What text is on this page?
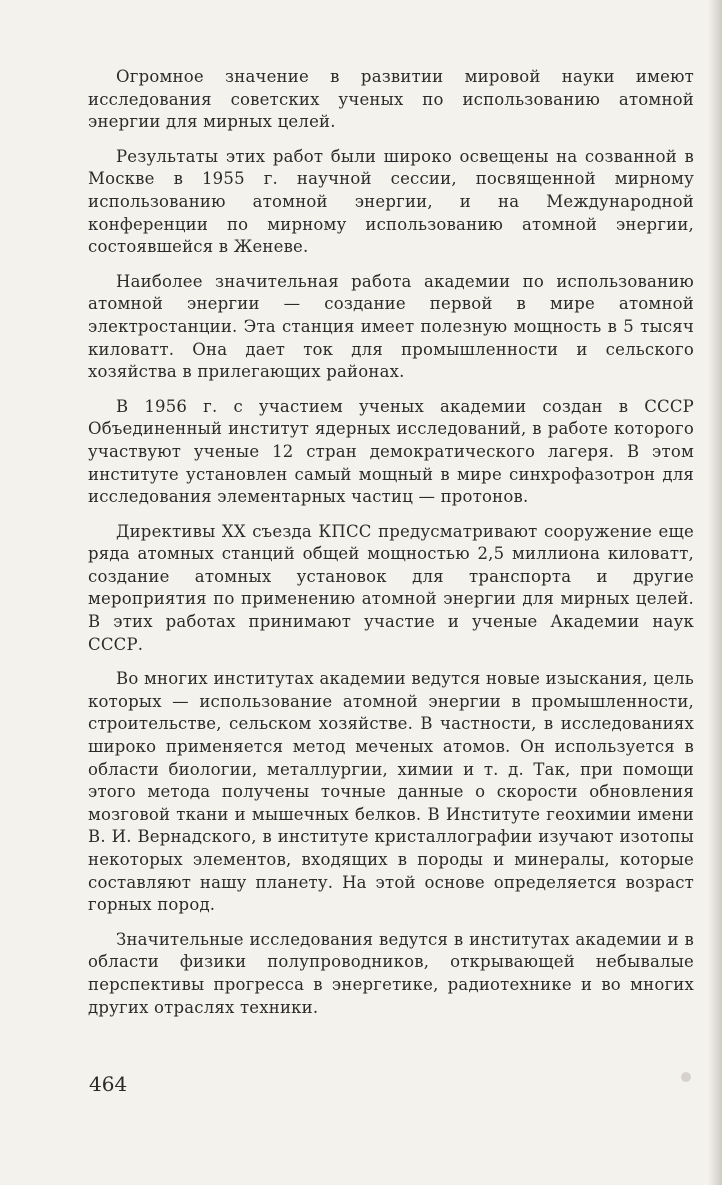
Огромное значение в развитии мировой науки имеют исследования советских ученых по использованию атомной энергии для мирных целей.

Результаты этих работ были широко освещены на созванной в Москве в 1955 г. научной сессии, посвященной мирному использованию атомной энергии, и на Международной конференции по мирному использованию атомной энергии, состоявшейся в Женеве.

Наиболее значительная работа академии по использованию атомной энергии — создание первой в мире атомной электростанции. Эта станция имеет полезную мощность в 5 тысяч киловатт. Она дает ток для промышленности и сельского хозяйства в прилегающих районах.

В 1956 г. с участием ученых академии создан в СССР Объединенный институт ядерных исследований, в работе которого участвуют ученые 12 стран демократического лагеря. В этом институте установлен самый мощный в мире синхрофазотрон для исследования элементарных частиц — протонов.

Директивы XX съезда КПСС предусматривают сооружение еще ряда атомных станций общей мощностью 2,5 миллиона киловатт, создание атомных установок для транспорта и другие мероприятия по применению атомной энергии для мирных целей. В этих работах принимают участие и ученые Академии наук СССР.

Во многих институтах академии ведутся новые изыскания, цель которых — использование атомной энергии в промышленности, строительстве, сельском хозяйстве. В частности, в исследованиях широко применяется метод меченых атомов. Он используется в области биологии, металлургии, химии и т. д. Так, при помощи этого метода получены точные данные о скорости обновления мозговой ткани и мышечных белков. В Институте геохимии имени В. И. Вернадского, в институте кристаллографии изучают изотопы некоторых элементов, входящих в породы и минералы, которые составляют нашу планету. На этой основе определяется возраст горных пород.

Значительные исследования ведутся в институтах академии и в области физики полупроводников, открывающей небывалые перспективы прогресса в энергетике, радиотехнике и во многих других отраслях техники.

464
